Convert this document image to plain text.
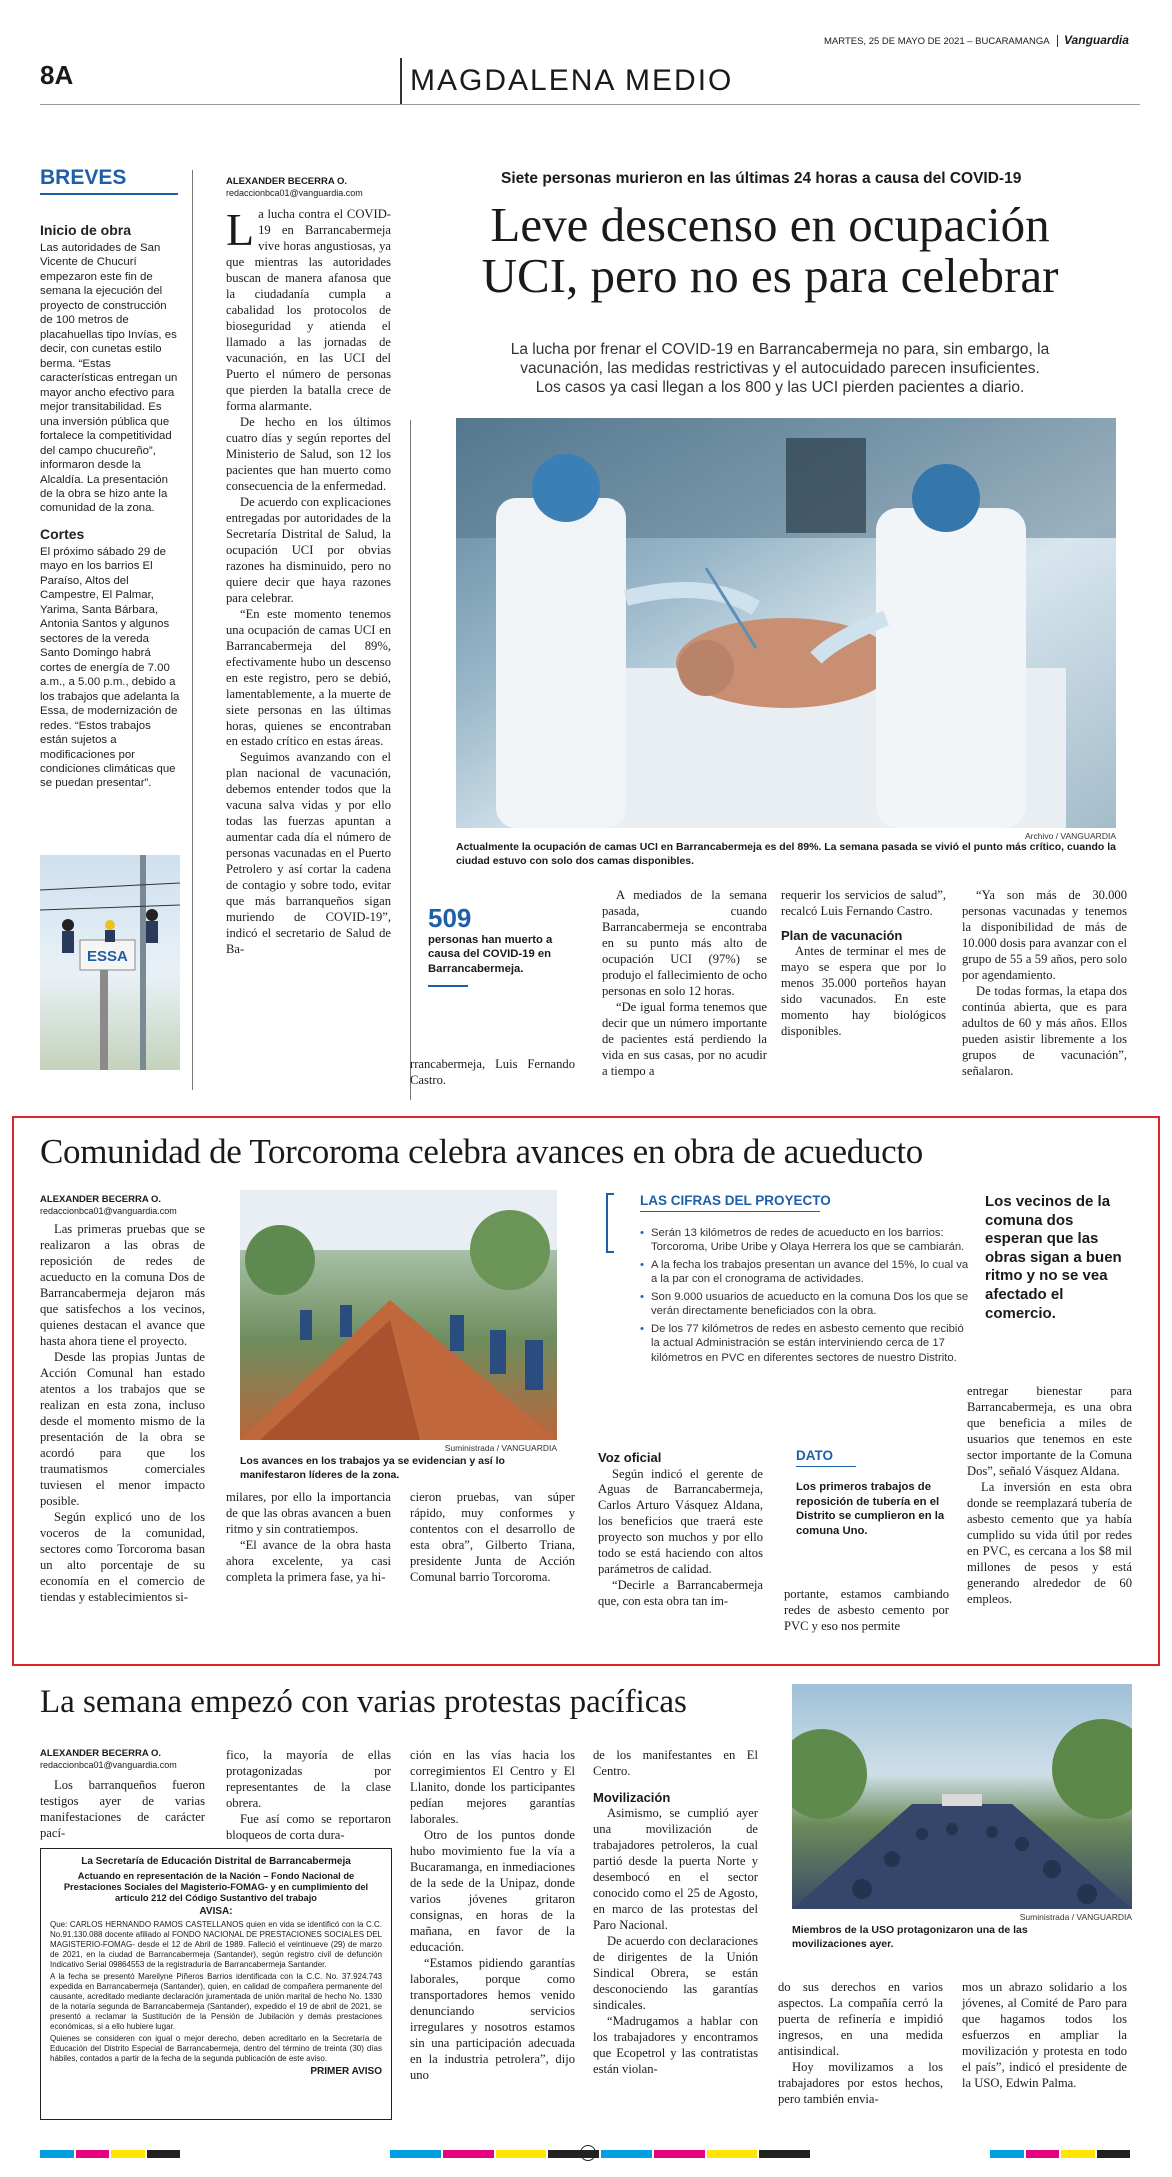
8A	MAGDALENA MEDIO
MARTES, 25 DE MAYO DE 2021 – BUCARAMANGA Vanguardia
BREVES
Inicio de obra
Las autoridades de San Vicente de Chucurí empezaron este fin de semana la ejecución del proyecto de construcción de 100 metros de placahuellas tipo Invías, es decir, con cunetas estilo berma. “Estas características entregan un mayor ancho efectivo para mejor transitabilidad. Es una inversión pública que fortalece la competitividad del campo chucureño”, informaron desde la Alcaldía. La presentación de la obra se hizo ante la comunidad de la zona.
Cortes
El próximo sábado 29 de mayo en los barrios El Paraíso, Altos del Campestre, El Palmar, Yarima, Santa Bárbara, Antonia Santos y algunos sectores de la vereda Santo Domingo habrá cortes de energía de 7.00 a.m., a 5.00 p.m., debido a los trabajos que adelanta la Essa, de modernización de redes. “Estos trabajos están sujetos a modificaciones por condiciones climáticas que se puedan presentar”.
ESSA
ALEXANDER BECERRA O.
redaccionbca01@vanguardia.com
Siete personas murieron en las últimas 24 horas a causa del COVID-19
Leve descenso en ocupación
UCI, pero no es para celebrar
La lucha por frenar el COVID-19 en Barrancabermeja no para, sin embargo, la
vacunación, las medidas restrictivas y el autocuidado parecen insuficientes.
Los casos ya casi llegan a los 800 y las UCI pierden pacientes a diario.

La lucha contra el COVID-19 en Barrancabermeja vive horas angustiosas, ya que mientras las autoridades buscan de manera afanosa que la ciudadanía cumpla a cabalidad los protocolos de bioseguridad y atienda el llamado a las jornadas de vacunación, en las UCI del Puerto el número de personas que pierden la batalla crece de forma alarmante.

De hecho en los últimos cuatro días y según reportes del Ministerio de Salud, son 12 los pacientes que han muerto como consecuencia de la enfermedad.

De acuerdo con explicaciones entregadas por autoridades de la Secretaría Distrital de Salud, la ocupación UCI por obvias razones ha disminuido, pero no quiere decir que haya razones para celebrar.

“En este momento tenemos una ocupación de camas UCI en Barrancabermeja del 89%, efectivamente hubo un descenso en este registro, pero se debió, lamentablemente, a la muerte de siete personas en las últimas horas, quienes se encontraban en estado crítico en estas áreas.

Seguimos avanzando con el plan nacional de vacunación, debemos entender todos que la vacuna salva vidas y por ello todas las fuerzas apuntan a aumentar cada día el número de personas vacunadas en el Puerto Petrolero y así cortar la cadena de contagio y sobre todo, evitar que más barranqueños sigan muriendo de COVID-19”, indicó el secretario de Salud de Ba-

Archivo / VANGUARDIA
Actualmente la ocupación de camas UCI en Barrancabermeja es del 89%. La semana pasada se vivió el punto más crítico, cuando la ciudad estuvo con solo dos camas disponibles.
509
personas han muerto a causa del COVID-19 en Barrancabermeja.

rrancabermeja, Luis Fernando Castro.

A mediados de la semana pasada, cuando Barrancabermeja se encontraba en su punto más alto de ocupación UCI (97%) se produjo el fallecimiento de ocho personas en solo 12 horas.

“De igual forma tenemos que decir que un número importante de pacientes está perdiendo la vida en sus casas, por no acudir a tiempo a

requerir los servicios de salud”, recalcó Luis Fernando Castro.

Plan de vacunación

Antes de terminar el mes de mayo se espera que por lo menos 35.000 porteños hayan sido vacunados. En este momento hay biológicos disponibles.

“Ya son más de 30.000 personas vacunadas y tenemos la disponibilidad de más de 10.000 dosis para avanzar con el grupo de 55 a 59 años, pero solo por agendamiento.

De todas formas, la etapa dos continúa abierta, que es para adultos de 60 y más años. Ellos pueden asistir libremente a los grupos de vacunación”, señalaron.

Comunidad de Torcoroma celebra avances en obra de acueducto
ALEXANDER BECERRA O.
redaccionbca01@vanguardia.com

Las primeras pruebas que se realizaron a las obras de reposición de redes de acueducto en la comuna Dos de Barrancabermeja dejaron más que satisfechos a los vecinos, quienes destacan el avance que hasta ahora tiene el proyecto.

Desde las propias Juntas de Acción Comunal han estado atentos a los trabajos que se realizan en esta zona, incluso desde el momento mismo de la presentación de la obra se acordó para que los traumatismos comerciales tuviesen el menor impacto posible.

Según explicó uno de los voceros de la comunidad, sectores como Torcoroma basan un alto porcentaje de su economía en el comercio de tiendas y establecimientos si-

Suministrada / VANGUARDIA
Los avances en los trabajos ya se evidencian y así lo manifestaron líderes de la zona.

milares, por ello la importancia de que las obras avancen a buen ritmo y sin contratiempos.

“El avance de la obra hasta ahora excelente, ya casi completa la primera fase, ya hi-

cieron pruebas, van súper rápido, muy conformes y contentos con el desarrollo de esta obra”, Gilberto Triana, presidente Junta de Acción Comunal barrio Torcoroma.

LAS CIFRAS DEL PROYECTO
• Serán 13 kilómetros de redes de acueducto en los barrios: Torcoroma, Uribe Uribe y Olaya Herrera los que se cambiarán.
• A la fecha los trabajos presentan un avance del 15%, lo cual va a la par con el cronograma de actividades.
• Son 9.000 usuarios de acueducto en la comuna Dos los que se verán directamente beneficiados con la obra.
• De los 77 kilómetros de redes en asbesto cemento que recibió la actual Administración se están interviniendo cerca de 17 kilómetros en PVC en diferentes sectores de nuestro Distrito.
Los vecinos de la comuna dos esperan que las obras sigan a buen ritmo y no se vea afectado el comercio.

Voz oficial

Según indicó el gerente de Aguas de Barrancabermeja, Carlos Arturo Vásquez Aldana, los beneficios que traerá este proyecto son muchos y por ello todo se está haciendo con altos parámetros de calidad.

“Decirle a Barrancabermeja que, con esta obra tan im-

DATO
Los primeros trabajos de reposición de tubería en el Distrito se cumplieron en la comuna Uno.

portante, estamos cambiando redes de asbesto cemento por PVC y eso nos permite

entregar bienestar para Barrancabermeja, es una obra que beneficia a miles de usuarios que tenemos en este sector importante de la Comuna Dos”, señaló Vásquez Aldana.

La inversión en esta obra donde se reemplazará tubería de asbesto cemento que ya había cumplido su vida útil por redes en PVC, es cercana a los $8 mil millones de pesos y está generando alrededor de 60 empleos.

La semana empezó con varias protestas pacíficas
ALEXANDER BECERRA O.
redaccionbca01@vanguardia.com

Los barranqueños fueron testigos ayer de varias manifestaciones de carácter pací-

fico, la mayoría de ellas protagonizadas por representantes de la clase obrera.

Fue así como se reportaron bloqueos de corta dura-

ción en las vías hacia los corregimientos El Centro y El Llanito, donde los participantes pedían mejores garantías laborales.

Otro de los puntos donde hubo movimiento fue la vía a Bucaramanga, en inmediaciones de la sede de la Unipaz, donde varios jóvenes gritaron consignas, en horas de la mañana, en favor de la educación.

“Estamos pidiendo garantías laborales, porque como transportadores hemos venido denunciando servicios irregulares y nosotros estamos sin una participación adecuada en la industria petrolera”, dijo uno

de los manifestantes en El Centro.

Movilización

Asimismo, se cumplió ayer una movilización de trabajadores petroleros, la cual partió desde la puerta Norte y desembocó en el sector conocido como el 25 de Agosto, en marco de las protestas del Paro Nacional.

De acuerdo con declaraciones de dirigentes de la Unión Sindical Obrera, se están desconociendo las garantías sindicales.

“Madrugamos a hablar con los trabajadores y encontramos que Ecopetrol y las contratistas están violan-

Suministrada / VANGUARDIA
Miembros de la USO protagonizaron una de las movilizaciones ayer.

do sus derechos en varios aspectos. La compañía cerró la puerta de refinería e impidió ingresos, en una medida antisindical.

Hoy movilizamos a los trabajadores por estos hechos, pero también envia-

mos un abrazo solidario a los jóvenes, al Comité de Paro para que hagamos todos los esfuerzos en ampliar la movilización y protesta en todo el país”, indicó el presidente de la USO, Edwin Palma.

La Secretaría de Educación Distrital de Barrancabermeja

Actuando en representación de la Nación – Fondo Nacional de Prestaciones Sociales del Magisterio-FOMAG- y en cumplimiento del artículo 212 del Código Sustantivo del trabajo

AVISA:

Que: CARLOS HERNANDO RAMOS CASTELLANOS quien en vida se identificó con la C.C. No.91.130.088 docente afiliado al FONDO NACIONAL DE PRESTACIONES SOCIALES DEL MAGISTERIO-FOMAG- desde el 12 de Abril de 1989. Falleció el veintinueve (29) de marzo de 2021, en la ciudad de Barrancabermeja (Santander), según registro civil de defunción Indicativo Serial 09864553 de la registraduría de Barrancabermeja Santander.

A la fecha se presentó Mareilyne Piñeros Barrios identificada con la C.C. No. 37.924.743 expedida en Barrancabermeja (Santander), quien, en calidad de compañera permanente del causante, acreditado mediante declaración juramentada de unión marital de hecho No. 1330 de la notaría segunda de Barrancabermeja (Santander), expedido el 19 de abril de 2021, se presentó a reclamar la Sustitución de la Pensión de Jubilación y demás prestaciones económicas, si a ello hubiere lugar.

Quienes se consideren con igual o mejor derecho, deben acreditarlo en la Secretaría de Educación del Distrito Especial de Barrancabermeja, dentro del término de treinta (30) días hábiles, contados a partir de la fecha de la segunda publicación de este aviso.

PRIMER AVISO
